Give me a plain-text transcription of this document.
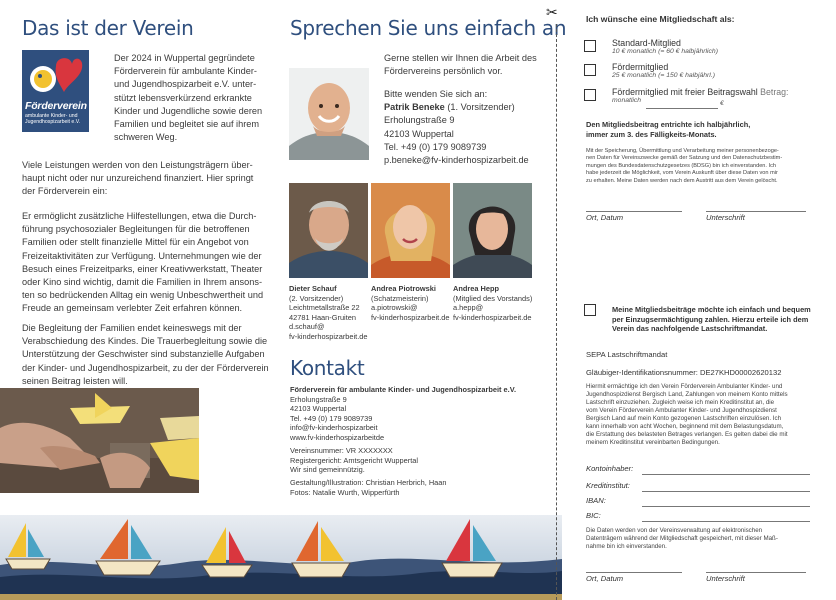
Das ist der Verein
Förderverein
ambulante Kinder- und Jugendhospizarbeit e.V.
Der 2024 in Wuppertal gegründete
Förderverein für ambulante Kinder-
und Jugendhospizarbeit e.V. unter-
stützt lebensverkürzend erkrankte
Kinder und Jugendliche sowie deren
Familien und begleitet sie auf ihrem
schweren Weg.
Viele Leistungen werden von den Leistungsträgern über-
haupt nicht oder nur unzureichend finanziert. Hier springt
der Förderverein ein:
Er ermöglicht zusätzliche Hilfestellungen, etwa die Durch-
führung psychosozialer Begleitungen für die betroffenen
Familien oder stellt finanzielle Mittel für ein Angebot von
Freizeitaktivitäten zur Verfügung. Unternehmungen wie der
Besuch eines Freizeitparks, einer Kreativwerkstatt, Theater
oder Kino sind wichtig, damit die Familien in Ihrem ansons-
ten so bedrückenden Alltag ein wenig Unbeschwertheit und
Freude an gemeinsam verlebter Zeit erfahren können.
Die Begleitung der Familien endet keineswegs mit der
Verabschiedung des Kindes. Die Trauerbegleitung sowie die
Unterstützung der Geschwister sind substanzielle Aufgaben
der Kinder- und Jugendhospizarbeit, zu der der Förderverein
seinen Beitrag leisten will.
Sprechen Sie uns einfach an
Gerne stellen wir Ihnen die Arbeit des
Fördervereins persönlich vor.
Bitte wenden Sie sich an:
Patrik Beneke (1. Vorsitzender)
Erholungstraße 9
42103 Wuppertal
Tel. +49 (0) 179 9089739
p.beneke@fv-kinderhospizarbeit.de
Dieter Schauf
(2. Vorsitzender)
Leichtmetallstraße 22
42781 Haan-Gruiten
d.schauf@
fv-kinderhospizarbeit.de
Andrea Piotrowski
(Schatzmeisterin)
a.piotrowski@
fv-kinderhospizarbeit.de
Andrea Hepp
(Mitglied des Vorstands)
a.hepp@
fv-kinderhospizarbeit.de
Kontakt
Förderverein für ambulante Kinder- und Jugendhospizarbeit e.V.
Erholungstraße 9
42103 Wuppertal
Tel. +49 (0) 179 9089739
info@fv-kinderhospizarbeit
www.fv-kinderhospizarbeitde
Vereinsnummer: VR XXXXXXX
Registergericht: Amtsgericht Wuppertal
Wir sind gemeinnützig.
Gestaltung/Illustration: Christian Herbrich, Haan
Fotos: Natalie Wurth, Wipperfürth
✂	Ich wünsche eine Mitgliedschaft als:
Standard-Mitglied
10 € monatlich (= 60 € halbjährlich)
Fördermitglied
25 € monatlich (= 150 € halbjährl.)
Fördermitglied mit freier Beitragswahl Betrag:
monatlich	€
Den Mitgliedsbeitrag entrichte ich halbjährlich,
immer zum 3. des Fälligkeits-Monats.
Mit der Speicherung, Übermittlung und Verarbeitung meiner personenbezoge-
nen Daten für Vereinszwecke gemäß der Satzung und den Datenschutzbestim-
mungen des Bundesdatenschutzgesetzes (BDSG) bin ich einverstanden. Ich
habe jederzeit die Möglichkeit, vom Verein Auskunft über diese Daten von mir
zu erhalten. Meine Daten werden nach dem Austritt aus dem Verein gelöscht.
Ort, Datum	Unterschrift
Meine Mitgliedsbeiträge möchte ich einfach und bequem
per Einzugsermächtigung zahlen. Hierzu erteile ich dem
Verein das nachfolgende Lastschriftmandat.
SEPA Lastschriftmandat
Gläubiger-Identifikationsnummer: DE27KHD00002620132
Hiermit ermächtige ich den Verein Förderverein Ambulanter Kinder- und
Jugendhospizdienst Bergisch Land, Zahlungen von meinem Konto mittels
Lastschrift einzuziehen. Zugleich weise ich mein Kreditinstitut an, die
vom Verein Förderverein Ambulanter Kinder- und Jugendhospizdienst
Bergisch Land auf mein Konto gezogenen Lastschriften einzulösen. Ich
kann innerhalb von acht Wochen, beginnend mit dem Belastungsdatum,
die Erstattung des belasteten Betrages verlangen. Es gelten dabei die mit
meinem Kreditinstitut vereinbarten Bedingungen.
Kontoinhaber:
Kreditinstitut:
IBAN:
BIC:
Die Daten werden von der Vereinsverwaltung auf elektronischen
Datenträgern während der Mitgliedschaft gespeichert, mit dieser Maß-
nahme bin ich einverstanden.
Ort, Datum	Unterschrift
